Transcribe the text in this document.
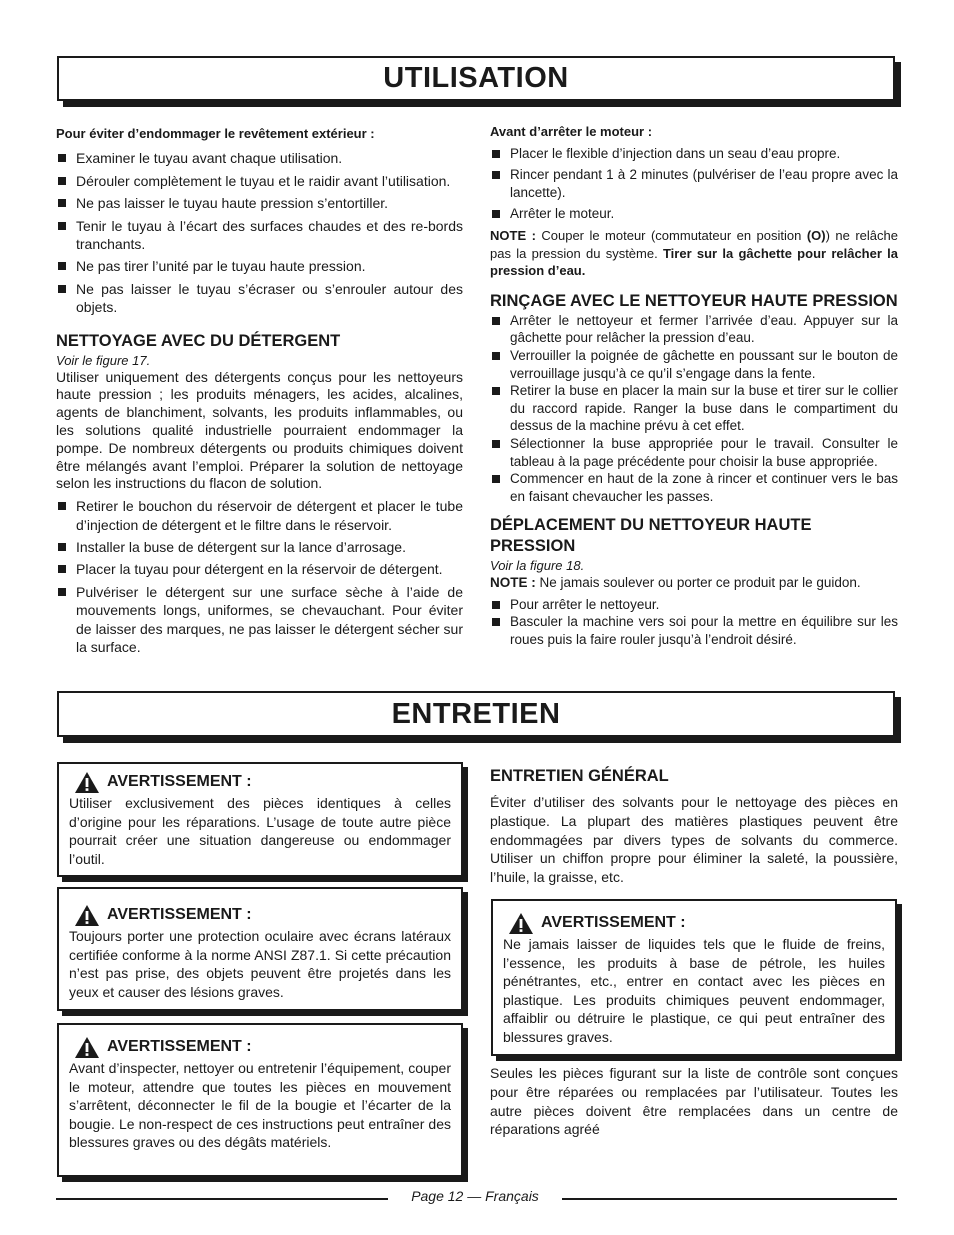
UTILISATION

Pour éviter d’endommager le revêtement extérieur :

Examiner le tuyau avant chaque utilisation.
Dérouler complètement le tuyau et le raidir avant l’utilisation.
Ne pas laisser le tuyau haute pression s’entortiller.
Tenir le tuyau à l’écart des surfaces chaudes et des re-bords tranchants.
Ne pas tirer l’unité par le tuyau haute pression.
Ne pas laisser le tuyau s’écraser ou s’enrouler autour des objets.
NETTOYAGE AVEC DU DÉTERGENT
Voir le figure 17.

Utiliser uniquement des détergents conçus pour les nettoyeurs haute pression ; les produits ménagers, les acides, alcalines, agents de blanchiment, solvants, les produits inflammables, ou les solutions qualité industrielle pourraient endommager la pompe. De nombreux détergents ou produits chimiques doivent être mélangés avant l’emploi. Préparer la solution de nettoyage selon les instructions du flacon de solution.

Retirer le bouchon du réservoir de détergent et placer le tube d’injection de détergent et le filtre dans le réservoir.
Installer la buse de détergent sur la lance d’arrosage.
Placer la tuyau pour détergent en la réservoir de détergent.
Pulvériser le détergent sur une surface sèche à l’aide de mouvements longs, uniformes, se chevauchant. Pour éviter de laisser des marques, ne pas laisser le détergent sécher sur la surface.

Avant d’arrêter le moteur :

Placer le flexible d’injection dans un seau d’eau propre.
Rincer pendant 1 à 2 minutes (pulvériser de l’eau propre avec la lancette).
Arrêter le moteur.

NOTE : Couper le moteur (commutateur en position (O)) ne relâche pas la pression du système. Tirer sur la gâchette pour relâcher la pression d’eau.

RINÇAGE AVEC LE NETTOYEUR HAUTE PRESSION
Arrêter le nettoyeur et fermer l’arrivée d’eau. Appuyer sur la gâchette pour relâcher la pression d’eau.
Verrouiller la poignée de gâchette en poussant sur le bouton de verrouillage jusqu’à ce qu’il s’engage dans la fente.
Retirer la buse en placer la main sur la buse et tirer sur le collier du raccord rapide. Ranger la buse dans le compartiment du dessus de la machine prévu à cet effet.
Sélectionner la buse appropriée pour le travail. Consulter le tableau à la page précédente pour choisir la buse appropriée.
Commencer en haut de la zone à rincer et continuer vers le bas en faisant chevaucher les passes.
DÉPLACEMENT DU NETTOYEUR HAUTE PRESSION
Voir la figure 18.

NOTE : Ne jamais soulever ou porter ce produit par le guidon.

Pour arrêter le nettoyeur.
Basculer la machine vers soi pour la mettre en équilibre sur les roues puis la faire rouler jusqu’à l’endroit désiré.
ENTRETIEN
AVERTISSEMENT :

Utiliser exclusivement des pièces identiques à celles d’origine pour les réparations. L’usage de toute autre pièce pourrait créer une situation dangereuse ou endommager l’outil.

AVERTISSEMENT :

Toujours porter une protection oculaire avec écrans latéraux certifiée conforme à la norme ANSI Z87.1. Si cette précaution n’est pas prise, des objets peuvent être projetés dans les yeux et causer des lésions graves.

AVERTISSEMENT :

Avant d’inspecter, nettoyer ou entretenir l’équipement, couper le moteur, attendre que toutes les pièces en mouvement s’arrêtent, déconnecter le fil de la bougie et l’écarter de la bougie. Le non-respect de ces instructions peut entraîner des blessures graves ou des dégâts matériels.

ENTRETIEN GÉNÉRAL

Éviter d’utiliser des solvants pour le nettoyage des pièces en plastique. La plupart des matières plastiques peuvent être endommagées par divers types de solvants du commerce. Utiliser un chiffon propre pour éliminer la saleté, la poussière, l’huile, la graisse, etc.

AVERTISSEMENT :

Ne jamais laisser de liquides tels que le fluide de freins, l’essence, les produits à base de pétrole, les huiles pénétrantes, etc., entrer en contact avec les pièces en plastique. Les produits chimiques peuvent endommager, affaiblir ou détruire le plastique, ce qui peut entraîner des blessures graves.

Seules les pièces figurant sur la liste de contrôle sont conçues pour être réparées ou remplacées par l’utilisateur. Toutes les autre pièces doivent être remplacées dans un centre de réparations agréé

Page 12 — Français
